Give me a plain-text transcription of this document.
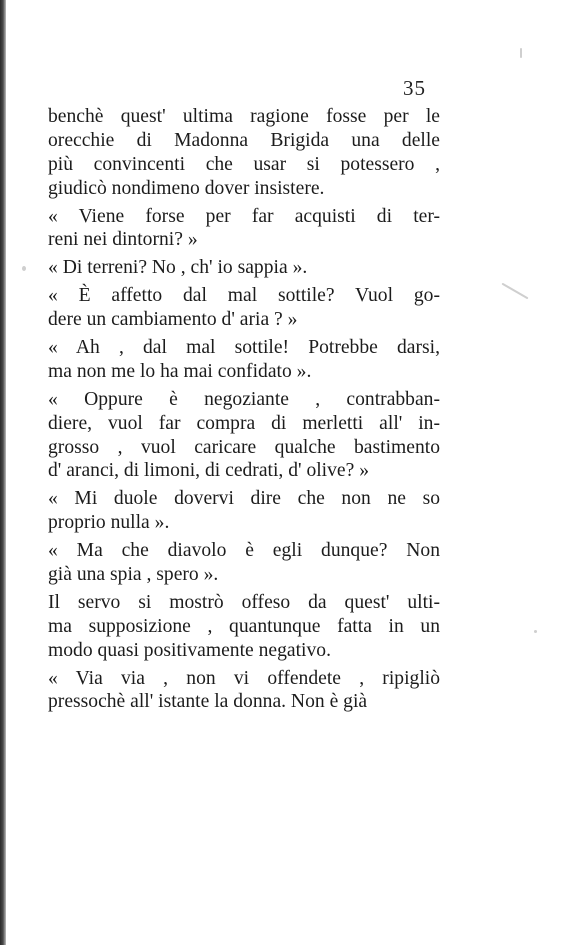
35
benchè quest' ultima ragione fosse per le
orecchie di Madonna Brigida una delle
più convincenti che usar si potessero ,
giudicò nondimeno dover insistere.
« Viene forse per far acquisti di ter-
reni nei dintorni? »
« Di terreni? No , ch' io sappia ».
« È affetto dal mal sottile? Vuol go-
dere un cambiamento d' aria ? »
« Ah , dal mal sottile! Potrebbe darsi,
ma non me lo ha mai confidato ».
« Oppure è negoziante , contrabban-
diere, vuol far compra di merletti all' in-
grosso , vuol caricare qualche bastimento
d' aranci, di limoni, di cedrati, d' olive? »
« Mi duole dovervi dire che non ne so
proprio nulla ».
« Ma che diavolo è egli dunque? Non
già una spia , spero ».
Il servo si mostrò offeso da quest' ulti-
ma supposizione , quantunque fatta in un
modo quasi positivamente negativo.
« Via via , non vi offendete , ripigliò
pressochè all' istante la donna. Non è già
